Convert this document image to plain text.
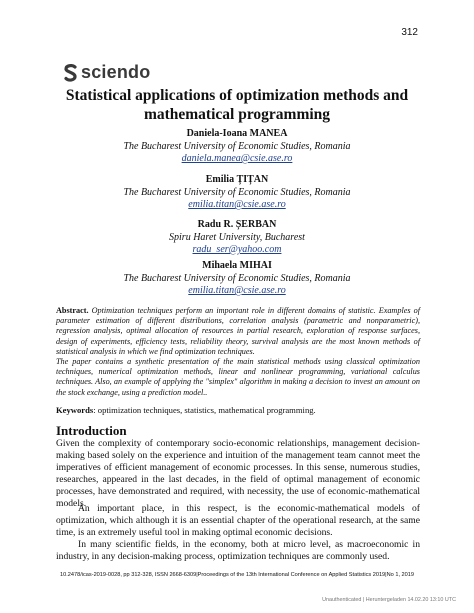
312
sciendo
Statistical applications of optimization methods and mathematical programming
Daniela-Ioana MANEA
The Bucharest University of Economic Studies, Romania
daniela.manea@csie.ase.ro
Emilia ȚIȚAN
The Bucharest University of Economic Studies, Romania
emilia.titan@csie.ase.ro
Radu R. ȘERBAN
Spiru Haret University, Bucharest
radu_ser@yahoo.com
Mihaela MIHAI
The Bucharest University of Economic Studies, Romania
emilia.titan@csie.ase.ro

Abstract. Optimization techniques perform an important role in different domains of statistic. Examples of parameter estimation of different distributions, correlation analysis (parametric and nonparametric), regression analysis, optimal allocation of resources in partial research, exploration of response surfaces, design of experiments, efficiency tests, reliability theory, survival analysis are the most known methods of statistical analysis in which we find optimization techniques.

The paper contains a synthetic presentation of the main statistical methods using classical optimization techniques, numerical optimization methods, linear and nonlinear programming, variational calculus techniques. Also, an example of applying the "simplex" algorithm in making a decision to invest an amount on the stock exchange, using a prediction model..

Keywords: optimization techniques, statistics, mathematical programming.
Introduction
Given the complexity of contemporary socio-economic relationships, management decision-making based solely on the experience and intuition of the management team cannot meet the imperatives of efficient management of economic processes. In this sense, numerous studies, researches, appeared in the last decades, in the field of optimal management of economic processes, have demonstrated and required, with necessity, the use of economic-mathematical models.
An important place, in this respect, is the economic-mathematical models of optimization, which although it is an essential chapter of the operational research, at the same time, is an extremely useful tool in making optimal economic decisions.
In many scientific fields, in the economy, both at micro level, as macroeconomic in industry, in any decision-making process, optimization techniques are commonly used.
10.2478/icas-2019-0028, pp 312-328, ISSN 2668-6309|Proceedings of the 13th International Conference on Applied Statistics 2019|No 1, 2019
Unauthenticated | Heruntergeladen 14.02.20 13:10 UTC
